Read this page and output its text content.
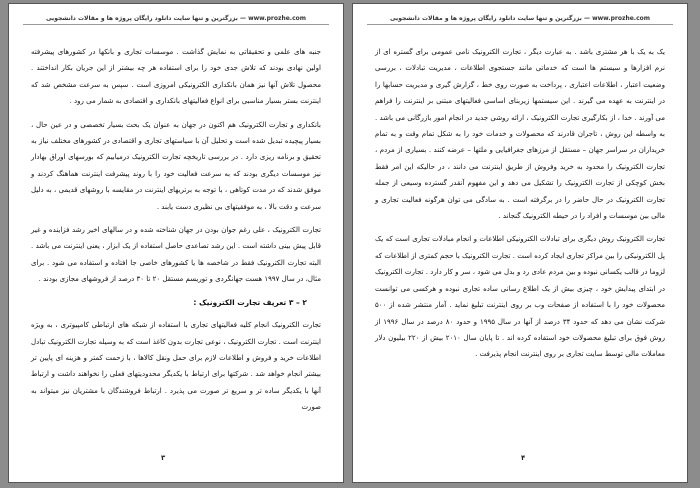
www.prozhe.com — بزرگترین و تنها سایت دانلود رایگان پروژه ها و مقالات دانشجویی

جنبه های علمی و تحقیقاتی به نمایش گذاشت . موسسات تجاری و بانکها در کشورهای پیشرفته اولین نهادی بودند که تلاش جدی خود را برای استفاده هر چه بیشتر از این جریان بکار انداختند . محصول تلاش آنها نیز همان بانکداری الکترونیکی امروزی است . سپس به سرعت مشخص شد که اینترنت بستر بسیار مناسبی برای انواع فعالیتهای بانکداری و اقتصادی به شمار می رود .

بانکداری و تجارت الکترونیک هم اکنون در جهان به عنوان یک بحث بسیار تخصصی و در عین حال ، بسیار پیچیده تبدیل شده است و تحلیل آن با سیاستهای تجاری و اقتصادی در کشورهای مختلف نیاز به تحقیق و برنامه ریزی دارد . در بررسی تاریخچه تجارت الکترونیک درمیابیم که بورسهای اوراق بهادار نیز موسسات دیگری بودند که به سرعت فعالیت خود را با روند پیشرفت اینترنت هماهنگ کردند و موفق شدند که در مدت کوتاهی ، با توجه به برتریهای اینترنت در مقایسه با روشهای قدیمی ، به دلیل سرعت و دقت بالا ، به موفقیتهای بی نظیری دست یابند .

تجارت الکترونیک ، علی رغم جوان بودن در جهان شناخته شده و در سالهای اخیر رشد فزاینده و غیر قابل پیش بینی داشته است . این رشد تصاعدی حاصل استفاده از یک ابزار ، یعنی اینترنت می باشد . البته تجارت الکترونیک فقط در شاخصه ها یا کشورهای خاصی جا افتاده و استفاده می شود . برای مثال، در سال ۱۹۹۷ هست جهانگردی و توریسم مستقل ۲۰ تا ۳۰ درصد از فروشهای مجازی بودند .

۲ – ۳ تعریف تجارت الکترونیک :

تجارت الکترونیک انجام کلیه فعالیتهای تجاری با استفاده از شبکه های ارتباطی کامپیوتری ، به ویژه اینترنت است . تجارت الکترونیک ، نوعی تجارت بدون کاغذ است که به وسیله تجارت الکترونیک تبادل اطلاعات خرید و فروش و اطلاعات لازم برای حمل ونقل کالاها ، با زحمت کمتر و هزینه ای پایین تر بیشتر انجام خواهد شد . شرکتها برای ارتباط با یکدیگر محدودیتهای فعلی را نخواهند داشت و ارتباط آنها با یکدیگر ساده تر و سریع تر صورت می پذیرد . ارتباط فروشندگان با مشتریان نیز میتواند به صورت

۳
www.prozhe.com — بزرگترین و تنها سایت دانلود رایگان پروژه ها و مقالات دانشجویی

یک به یک با هر مشتری باشد . به عبارت دیگر ، تجارت الکترونیک نامی عمومی برای گستره ای از نرم افزارها و سیستم ها است که خدماتی مانند جستجوی اطلاعات ، مدیریت تبادلات ، بررسی وضعیت اعتبار ، اطلاعات اعتباری ، پرداخت به صورت روی خط ، گزارش گیری و مدیریت حسابها را در اینترنت به عهده می گیرند . این سیستمها زیربنای اساسی فعالیتهای مبتنی بر اینترنت را فراهم می آورند . خدا ، از بکارگیری تجارت الکترونیک ، ارائه روشی جدید در انجام امور بازرگانی می باشد . به واسطه این روش ، تاجران قادرند که محصولات و خدمات خود را به شکل تمام وقت و به تمام خریداران در سراسر جهان – مستقل از مرزهای جغرافیایی و ملتها – عرضه کنند . بسیاری از مردم ، تجارت الکترونیک را محدود به خرید وفروش از طریق اینترنت می دانند ، در حالیکه این امر فقط بخش کوچکی از تجارت الکترونیک را تشکیل می دهد و این مفهوم آنقدر گسترده وسیعی از جمله تجارت الکترونیک در حال حاضر را در برگرفته است . به سادگی می توان هرگونه فعالیت تجاری و مالی بین موسسات و افراد را در حیطه الکترونیک گنجاند .

تجارت الکترونیک روش دیگری برای تبادلات الکترونیکی اطلاعات و انجام مبادلات تجاری است که یک پل الکترونیکی را بین مراکز تجاری ایجاد کرده است . تجارت الکترونیک با حجم کمتری از اطلاعات که لزوما در قالب یکسانی نبوده و بین مردم عادی رد و بدل می شود ، سر و کار دارد . تجارت الکترونیک در ابتدای پیدایش خود ، چیزی بیش از یک اطلاع رسانی ساده تجاری نبوده و هرکسی می توانست محصولات خود را با استفاده از صفحات وب بر روی اینترنت تبلیغ نماید . آمار منتشر شده از ۵۰۰ شرکت نشان می دهد که حدود ۳۴ درصد از آنها در سال ۱۹۹۵ و حدود ۸۰ درصد در سال ۱۹۹۶ از روش فوق برای تبلیغ محصولات خود استفاده کرده اند . تا پایان سال ۲۰۱۰ بیش از ۲۲۰ بیلیون دلار معاملات مالی توسط سایت تجاری بر روی اینترنت انجام پذیرفت .

۴
